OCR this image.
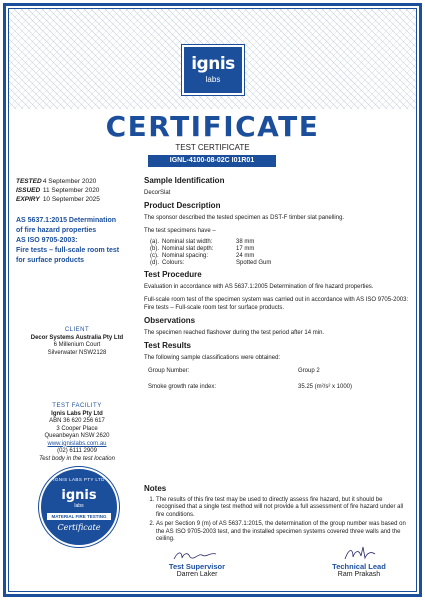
ignis
labs
CERTIFICATE
TEST CERTIFICATE
IGNL-4100-08-02C I01R01
TESTED 4 September 2020
ISSUED 11 September 2020
EXPIRY 10 September 2025
AS 5637.1:2015 Determination
of fire hazard properties
AS ISO 9705-2003:
Fire tests – full-scale room test
for surface products
CLIENT
Decor Systems Australia Pty Ltd
6 Millenium Court
Silverwater NSW2128
TEST FACILITY
Ignis Labs Pty Ltd
ABN 36 620 256 617
3 Cooper Place
Queanbeyan NSW 2620
www.ignislabs.com.au
(02) 6111 2909
Test body in the test location
IGNIS LABS PTY LTD
ignis
labs
MATERIAL FIRE TESTING
Certificate
Sample Identification
DecorSlat
Product Description
The sponsor described the tested specimen as DST-F timber slat panelling.
The test specimens have –
(a).	Nominal slat width:	38 mm
(b).	Nominal slat depth:	17 mm
(c).	Nominal spacing:	24 mm
(d).	Colours:	Spotted Gum
Test Procedure
Evaluation in accordance with AS 5637.1:2005 Determination of fire hazard properties.
Full-scale room test of the specimen system was carried out in accordance with AS ISO 9705-2003: Fire tests – Full-scale room test for surface products.
Observations
The specimen reached flashover during the test period after 14 min.
Test Results
The following sample classifications were obtained:
Group Number:	Group 2
Smoke growth rate index:	35.25 (m²/s² x 1000)
Notes
1. The results of this fire test may be used to directly assess fire hazard, but it should be recognised that a single test method will not provide a full assessment of fire hazard under all fire conditions.
2. As per Section 9 (m) of AS 5637.1:2015, the determination of the group number was based on the AS ISO 9705-2003 test, and the installed specimen systems covered three walls and the ceiling.
Test Supervisor
Darren Laker
Technical Lead
Ram Prakash
